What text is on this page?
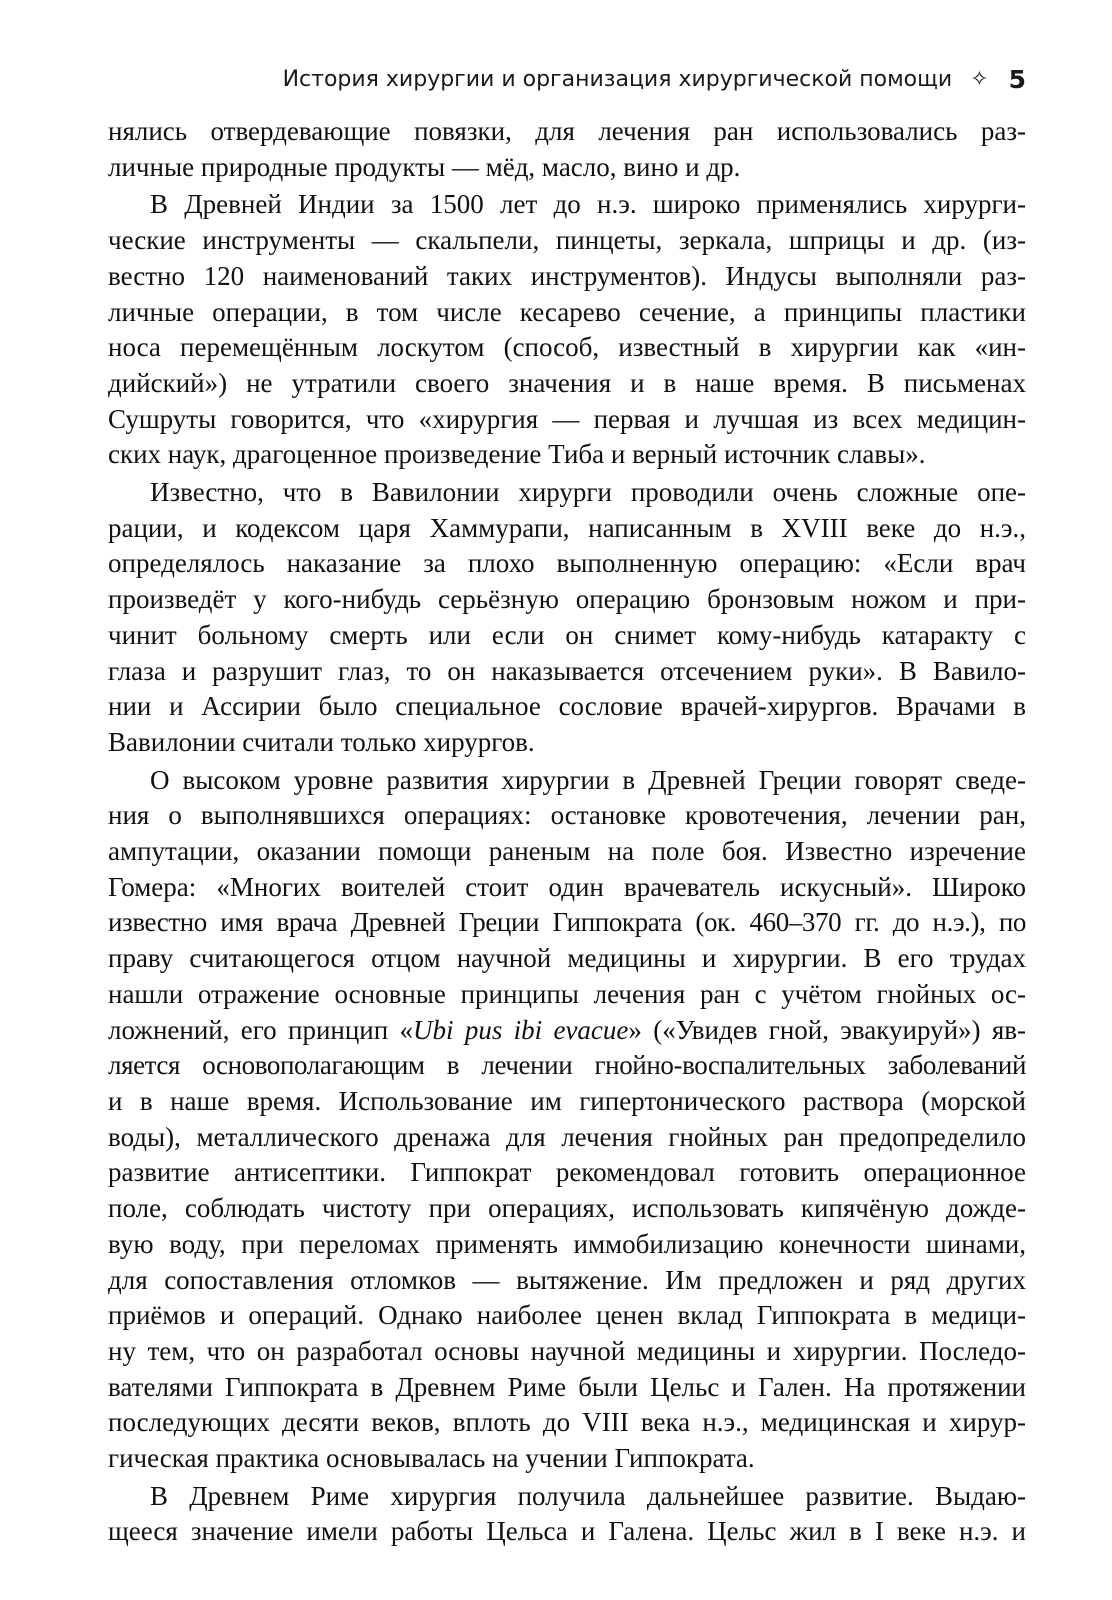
История хирургии и организация хирургической помощи ✧ 5
нялись отвердевающие повязки, для лечения ран использовались раз-
личные природные продукты — мёд, масло, вино и др.
В Древней Индии за 1500 лет до н.э. широко применялись хирурги-
ческие инструменты — скальпели, пинцеты, зеркала, шприцы и др. (из-
вестно 120 наименований таких инструментов). Индусы выполняли раз-
личные операции, в том числе кесарево сечение, а принципы пластики
носа перемещённым лоскутом (способ, известный в хирургии как «ин-
дийский») не утратили своего значения и в наше время. В письменах
Сушруты говорится, что «хирургия — первая и лучшая из всех медицин-
ских наук, драгоценное произведение Тиба и верный источник славы».
Известно, что в Вавилонии хирурги проводили очень сложные опе-
рации, и кодексом царя Хаммурапи, написанным в XVIII веке до н.э.,
определялось наказание за плохо выполненную операцию: «Если врач
произведёт у кого-нибудь серьёзную операцию бронзовым ножом и при-
чинит больному смерть или если он снимет кому-нибудь катаракту с
глаза и разрушит глаз, то он наказывается отсечением руки». В Вавило-
нии и Ассирии было специальное сословие врачей-хирургов. Врачами в
Вавилонии считали только хирургов.
О высоком уровне развития хирургии в Древней Греции говорят сведе-
ния о выполнявшихся операциях: остановке кровотечения, лечении ран,
ампутации, оказании помощи раненым на поле боя. Известно изречение
Гомера: «Многих воителей стоит один врачеватель искусный». Широко
известно имя врача Древней Греции Гиппократа (ок. 460–370 гг. до н.э.), по
праву считающегося отцом научной медицины и хирургии. В его трудах
нашли отражение основные принципы лечения ран с учётом гнойных ос-
ложнений, его принцип «Ubi pus ibi evacue» («Увидев гной, эвакуируй») яв-
ляется основополагающим в лечении гнойно-воспалительных заболеваний
и в наше время. Использование им гипертонического раствора (морской
воды), металлического дренажа для лечения гнойных ран предопределило
развитие антисептики. Гиппократ рекомендовал готовить операционное
поле, соблюдать чистоту при операциях, использовать кипячёную дожде-
вую воду, при переломах применять иммобилизацию конечности шинами,
для сопоставления отломков — вытяжение. Им предложен и ряд других
приёмов и операций. Однако наиболее ценен вклад Гиппократа в медици-
ну тем, что он разработал основы научной медицины и хирургии. Последо-
вателями Гиппократа в Древнем Риме были Цельс и Гален. На протяжении
последующих десяти веков, вплоть до VIII века н.э., медицинская и хирур-
гическая практика основывалась на учении Гиппократа.
В Древнем Риме хирургия получила дальнейшее развитие. Выдаю-
щееся значение имели работы Цельса и Галена. Цельс жил в I веке н.э. и
